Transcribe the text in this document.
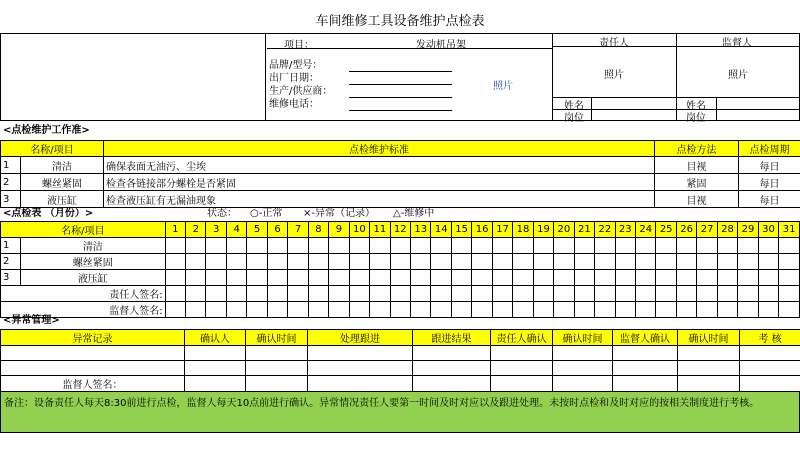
车间维修工具设备维护点检表
项目：	发动机吊架
品牌/型号：
出厂日期：
生产/供应商：
维修电话：
照片
责任人	监督人
照片	照片
姓名
岗位
姓名
岗位
<点检维护工作准>
名称/项目		点检维护标准	点检方法	点检周期
1	清洁	确保表面无油污、尘埃	目视	每日
2	螺丝紧固	检查各链接部分螺栓是否紧固	紧固	每日
3	液压缸	检查液压缸有无漏油现象	目视	每日
<点检表 （月份）>	状态： ○-正常 ×-异常（记录） △-维修中
名称/项目		1	2	3	4	5	6	7	8	9	10	11	12	13	14	15	16	17	18	19	20	21	22	23	24	25	26	27	28	29	30	31
1	清洁																															
2	螺丝紧固																															
3	液压缸																															
责任人签名:																																
监督人签名:																																
<异常管理>
异常记录	确认人	确认时间	处理跟进	跟进结果	责任人确认	确认时间	监督人确认	确认时间	考 核

监督人签名：									

备注：设备责任人每天8:30前进行点检，监督人每天10点前进行确认。异常情况责任人要第一时间及时对应以及跟进处理。未按时点检和及时对应的按相关制度进行考核。
